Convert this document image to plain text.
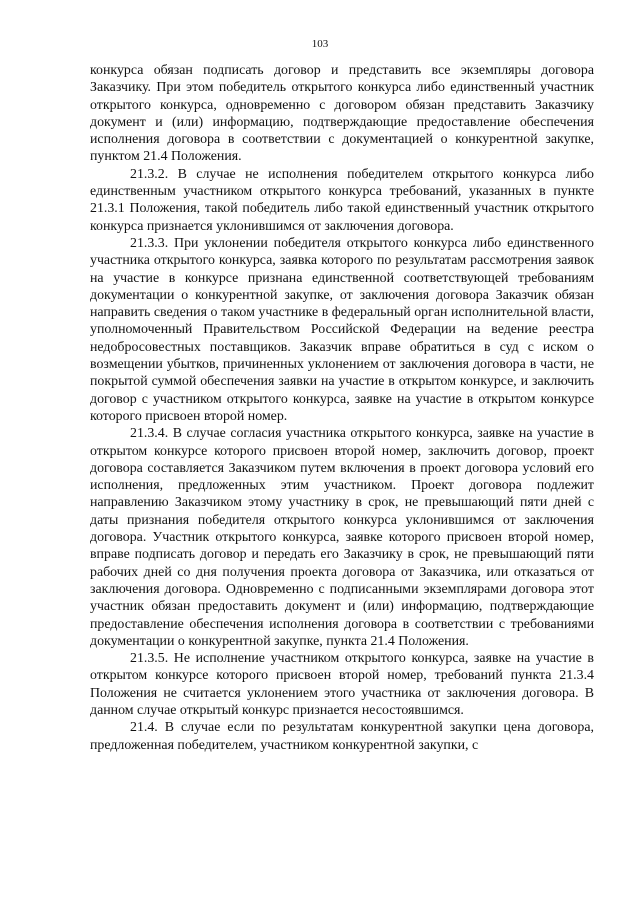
103

конкурса обязан подписать договор и представить все экземпляры договора Заказчику. При этом победитель открытого конкурса либо единственный участник открытого конкурса, одновременно с договором обязан представить Заказчику документ и (или) информацию, подтверждающие предоставление обеспечения исполнения договора в соответствии с документацией о конкурентной закупке, пунктом 21.4 Положения.

21.3.2. В случае не исполнения победителем открытого конкурса либо единственным участником открытого конкурса требований, указанных в пункте 21.3.1 Положения, такой победитель либо такой единственный участник открытого конкурса признается уклонившимся от заключения договора.

21.3.3. При уклонении победителя открытого конкурса либо единственного участника открытого конкурса, заявка которого по результатам рассмотрения заявок на участие в конкурсе признана единственной соответствующей требованиям документации о конкурентной закупке, от заключения договора Заказчик обязан направить сведения о таком участнике в федеральный орган исполнительной власти, уполномоченный Правительством Российской Федерации на ведение реестра недобросовестных поставщиков. Заказчик вправе обратиться в суд с иском о возмещении убытков, причиненных уклонением от заключения договора в части, не покрытой суммой обеспечения заявки на участие в открытом конкурсе, и заключить договор с участником открытого конкурса, заявке на участие в открытом конкурсе которого присвоен второй номер.

21.3.4. В случае согласия участника открытого конкурса, заявке на участие в открытом конкурсе которого присвоен второй номер, заключить договор, проект договора составляется Заказчиком путем включения в проект договора условий его исполнения, предложенных этим участником. Проект договора подлежит направлению Заказчиком этому участнику в срок, не превышающий пяти дней с даты признания победителя открытого конкурса уклонившимся от заключения договора. Участник открытого конкурса, заявке которого присвоен второй номер, вправе подписать договор и передать его Заказчику в срок, не превышающий пяти рабочих дней со дня получения проекта договора от Заказчика, или отказаться от заключения договора. Одновременно с подписанными экземплярами договора этот участник обязан предоставить документ и (или) информацию, подтверждающие предоставление обеспечения исполнения договора в соответствии с требованиями документации о конкурентной закупке, пункта 21.4 Положения.

21.3.5. Не исполнение участником открытого конкурса, заявке на участие в открытом конкурсе которого присвоен второй номер, требований пункта 21.3.4 Положения не считается уклонением этого участника от заключения договора. В данном случае открытый конкурс признается несостоявшимся.

21.4. В случае если по результатам конкурентной закупки цена договора, предложенная победителем, участником конкурентной закупки, с
